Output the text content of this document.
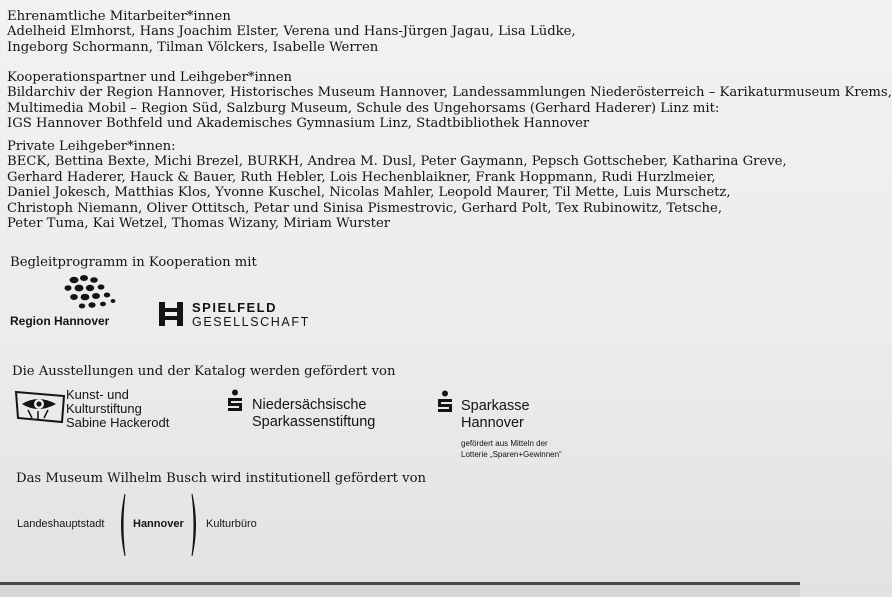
Ehrenamtliche Mitarbeiter*innen
Adelheid Elmhorst, Hans Joachim Elster, Verena und Hans-Jürgen Jagau, Lisa Lüdke,
Ingeborg Schormann, Tilman Völckers, Isabelle Werren
Kooperationspartner und Leihgeber*innen
Bildarchiv der Region Hannover, Historisches Museum Hannover, Landessammlungen Niederösterreich – Karikaturmuseum Krems,
Multimedia Mobil – Region Süd, Salzburg Museum, Schule des Ungehorsams (Gerhard Haderer) Linz mit:
IGS Hannover Bothfeld und Akademisches Gymnasium Linz, Stadtbibliothek Hannover
Private Leihgeber*innen:
BECK, Bettina Bexte, Michi Brezel, BURKH, Andrea M. Dusl, Peter Gaymann, Pepsch Gottscheber, Katharina Greve,
Gerhard Haderer, Hauck & Bauer, Ruth Hebler, Lois Hechenblaikner, Frank Hoppmann, Rudi Hurzlmeier,
Daniel Jokesch, Matthias Klos, Yvonne Kuschel, Nicolas Mahler, Leopold Maurer, Til Mette, Luis Murschetz,
Christoph Niemann, Oliver Ottitsch, Petar und Sinisa Pismestrovic, Gerhard Polt, Tex Rubinowitz, Tetsche,
Peter Tuma, Kai Wetzel, Thomas Wizany, Miriam Wurster
Begleitprogramm in Kooperation mit
Region Hannover
SPIELFELD
GESELLSCHAFT
Die Ausstellungen und der Katalog werden gefördert von
Kunst- und
Kulturstiftung
Sabine Hackerodt
Niedersächsische
Sparkassenstiftung
Sparkasse
Hannover
gefördert aus Mitteln der
Lotterie „Sparen+Gewinnen“
Das Museum Wilhelm Busch wird institutionell gefördert von
Landeshauptstadt	Hannover Kulturbüro
